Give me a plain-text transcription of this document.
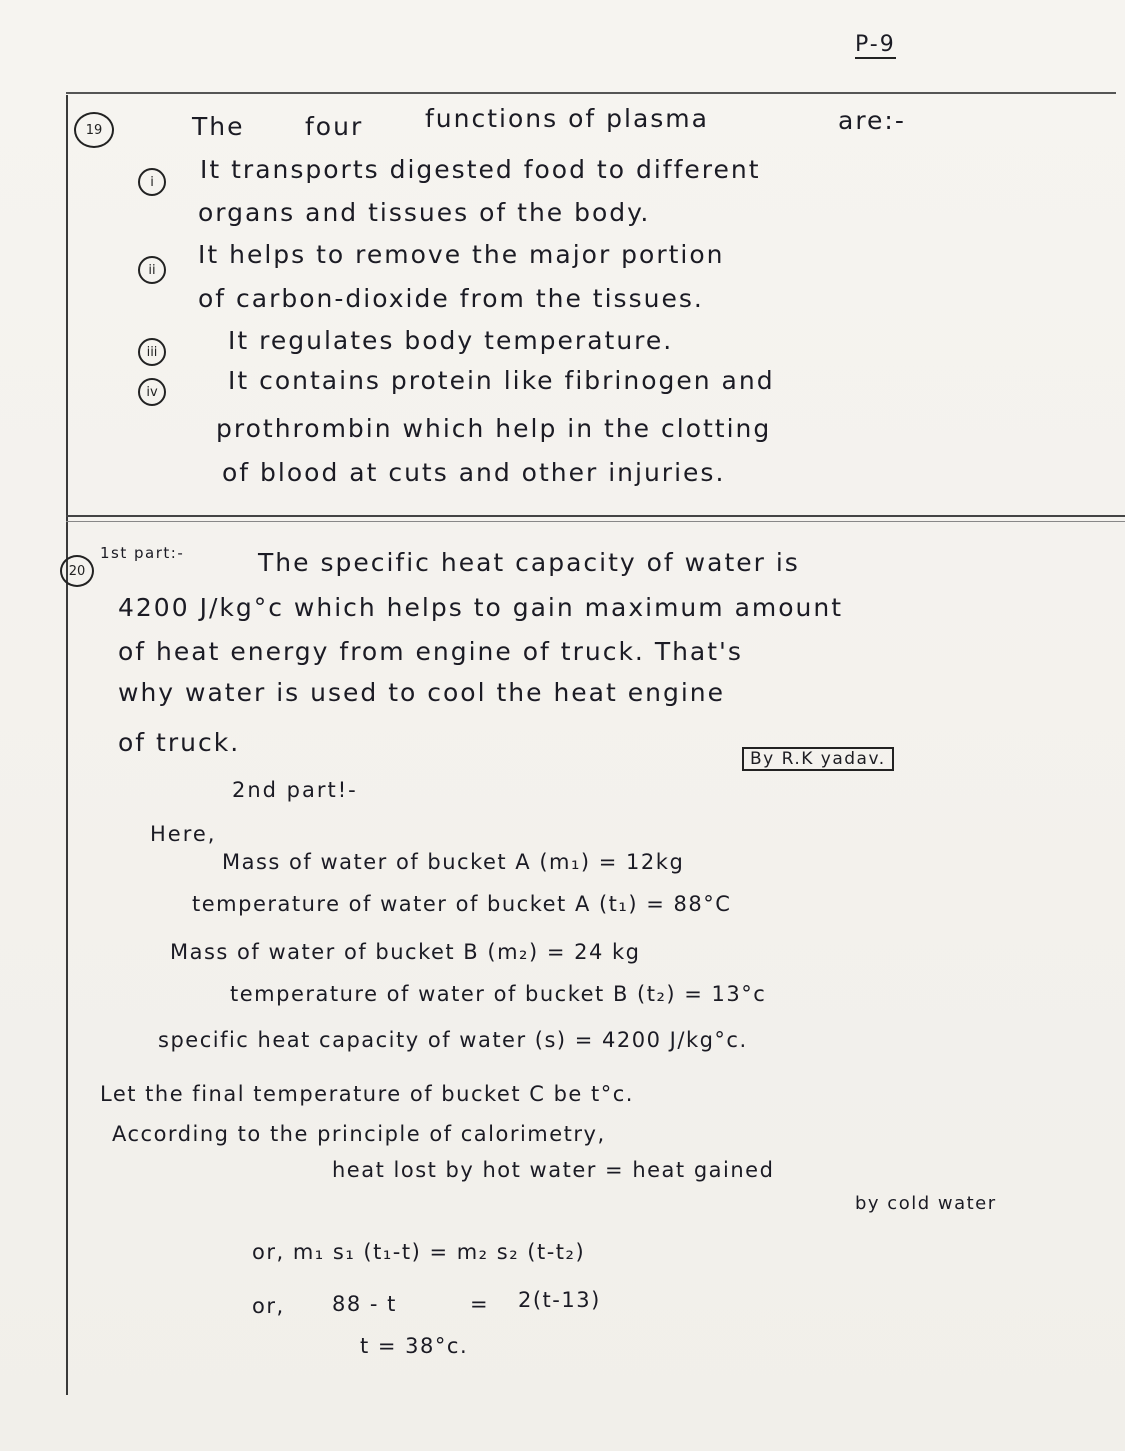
P-9
19	The four functions of plasma	are:-
i It transports digested food to different
organs and tissues of the body.
ii
It helps to remove the major portion
of carbon-dioxide from the tissues.
iii	It regulates body temperature.
iv	It contains protein like fibrinogen and
prothrombin which help in the clotting
of blood at cuts and other injuries.
20
1st part:-	The specific heat capacity of water is
4200 J/kg°c which helps to gain maximum amount
of heat energy from engine of truck. That's
why water is used to cool the heat engine
of truck.
By R.K yadav.
2nd part!-
Here,
Mass of water of bucket A (m₁) = 12kg
temperature of water of bucket A (t₁) = 88°C
Mass of water of bucket B (m₂) = 24 kg
temperature of water of bucket B (t₂) = 13°c
specific heat capacity of water (s) = 4200 J/kg°c.
Let the final temperature of bucket C be t°c.
According to the principle of calorimetry,
heat lost by hot water = heat gained
by cold water
or, m₁ s₁ (t₁-t) = m₂ s₂ (t-t₂)
or, 88 - t	= 2(t-13)
t = 38°c.
